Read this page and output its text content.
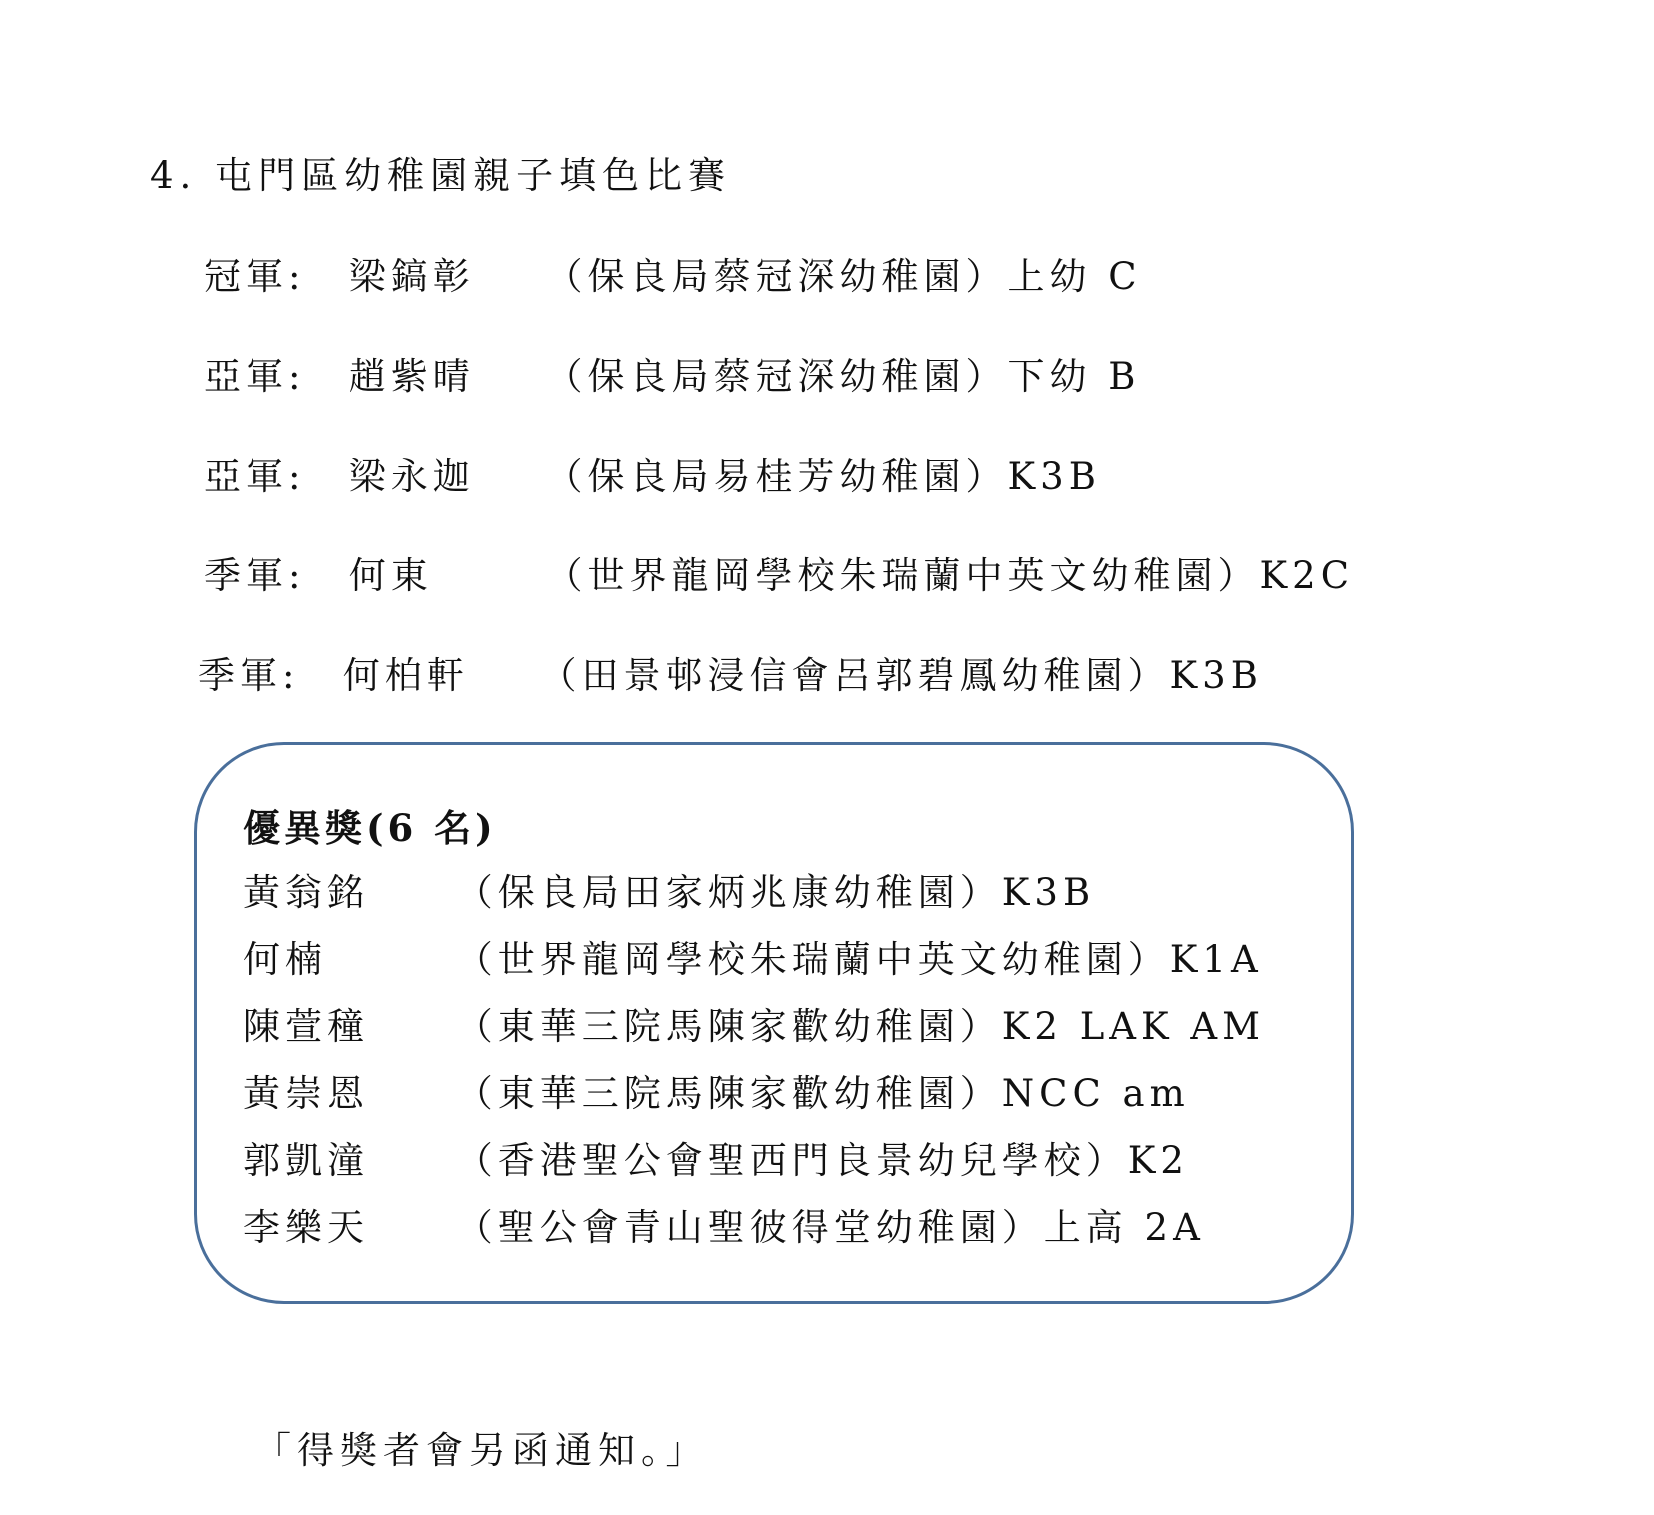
4. 屯門區幼稚園親子填色比賽
冠軍: 梁鎬彰 （保良局蔡冠深幼稚園）上幼 C
亞軍: 趙紫晴 （保良局蔡冠深幼稚園）下幼 B
亞軍: 梁永迦 （保良局易桂芳幼稚園）K3B
季軍: 何東	（世界龍岡學校朱瑞蘭中英文幼稚園）K2C
季軍: 何柏軒 （田景邨浸信會呂郭碧鳳幼稚園）K3B
優異獎(6 名)
黃翁銘 （保良局田家炳兆康幼稚園）K3B
何楠	（世界龍岡學校朱瑞蘭中英文幼稚園）K1A
陳萱穜 （東華三院馬陳家歡幼稚園）K2 LAK AM
黃崇恩 （東華三院馬陳家歡幼稚園）NCC am
郭凱潼 （香港聖公會聖西門良景幼兒學校）K2
李樂天 （聖公會青山聖彼得堂幼稚園）上高 2A
「得獎者會另函通知。」
